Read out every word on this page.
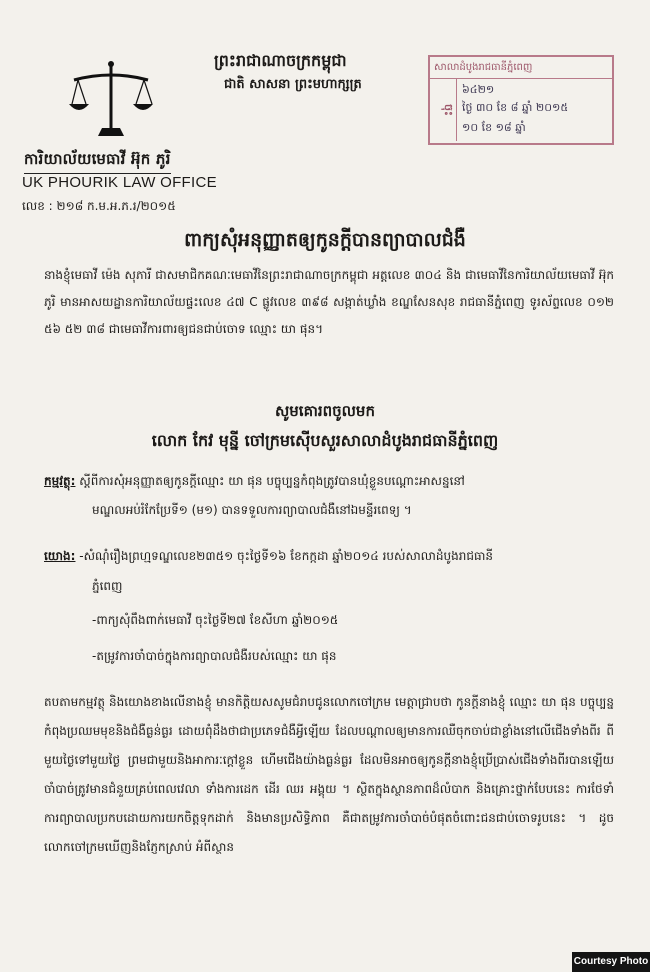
ការិយាល័យមេធាវី អ៊ុក ភូរិ
UK PHOURIK LAW OFFICE
លេខ : ២១៨ ក.ម.អ.ភ.រ/២០១៥
ព្រះរាជាណាចក្រកម្ពុជា
ជាតិ សាសនា ព្រះមហាក្សត្រ
សាលាដំបូងរាជធានីភ្នំពេញ
ចុះ
៦៤២១
ថ្ងៃ ៣០ ខែ ៨ ឆ្នាំ ២០១៥
១០ ខែ ១៨ ឆ្នាំ
ពាក្យសុំអនុញ្ញាតឲ្យកូនក្តីបានព្យាបាលជំងឺ
នាងខ្ញុំមេធាវី ម៉េង សុភារី ជាសមាជិកគណៈមេធាវីនៃព្រះរាជាណាចក្រកម្ពុជា អត្តលេខ ៣០៤ និង ជាមេធាវីនៃការិយាល័យមេធាវី អ៊ុក ភូរិ មានអាសយដ្ឋានការិយាល័យផ្ទះលេខ ៤៧ C ផ្លូវលេខ ៣៩៨ សង្កាត់ឃ្លាំង ខណ្ឌសែនសុខ រាជធានីភ្នំពេញ ទូរស័ព្ទលេខ ០១២ ៥៦ ៥២ ៣៨ ជាមេធាវីការពារឲ្យជនជាប់ចោទ ឈ្មោះ យា ផុន។
សូមគោរពចូលមក
លោក កែវ មុន្នី ចៅក្រមស៊ើបសួរសាលាដំបូងរាជធានីភ្នំពេញ
កម្មវត្ថុ: ស្តីពីការសុំអនុញ្ញាតឲ្យកូនក្តីឈ្មោះ យា ផុន បច្ចុប្បន្នកំពុងត្រូវបានឃុំខ្លួនបណ្តោះអាសន្ននៅ
មណ្ឌលអប់រំកែប្រែទី១ (ម១) បានទទួលការព្យាបាលជំងឺនៅឯមន្ទីរពេទ្យ ។
យោង: -សំណុំរឿងព្រហ្មទណ្ឌលេខ២៣៥១ ចុះថ្ងៃទី១៦ ខែកក្កដា ឆ្នាំ២០១៤ របស់សាលាដំបូងរាជធានី
ភ្នំពេញ
-ពាក្យសុំពឹងពាក់មេធាវី ចុះថ្ងៃទី២៧ ខែសីហា ឆ្នាំ២០១៥
-តម្រូវការចាំបាច់ក្នុងការព្យាបាលជំងឺរបស់ឈ្មោះ យា ផុន
តបតាមកម្មវត្ថុ និងយោងខាងលើនាងខ្ញុំ មានកិត្តិយសសូមជំរាបជូនលោកចៅក្រម មេត្តាជ្រាបថា កូនក្តីនាងខ្ញុំ ឈ្មោះ យា ផុន បច្ចុប្បន្នកំពុងប្រឈមមុខនិងជំងឺធ្ងន់ធ្ងរ ដោយពុំដឹងថាជាប្រភេទជំងឺអ្វីឡើយ ដែលបណ្តាលឲ្យមានការឈឺចុកចាប់ជាខ្លាំងនៅលើជើងទាំងពីរ ពីមួយថ្ងៃទៅមួយថ្ងៃ ព្រមជាមួយនិងអាការៈក្តៅខ្លួន ហើមជើងយ៉ាងធ្ងន់ធ្ងរ ដែលមិនអាចឲ្យកូនក្តីនាងខ្ញុំប្រើប្រាស់ជើងទាំងពីរបានឡើយ ចាំបាច់ត្រូវមានជំនួយគ្រប់ពេលវេលា ទាំងការដេក ដើរ ឈរ អង្គុយ ។ ស្ថិតក្នុងស្ថានភាពដ៏លំបាក និងគ្រោះថ្នាក់បែបនេះ ការថែទាំ ការព្យាបាលប្រកបដោយការយកចិត្តទុកដាក់ និងមានប្រសិទ្ធិភាព គឺជាតម្រូវការចាំបាច់បំផុតចំពោះជនជាប់ចោទរូបនេះ ។ ដូចលោកចៅក្រមឃើញនិងភ្ញែកស្រាប់ អំពីស្ថាន
Courtesy Photo
